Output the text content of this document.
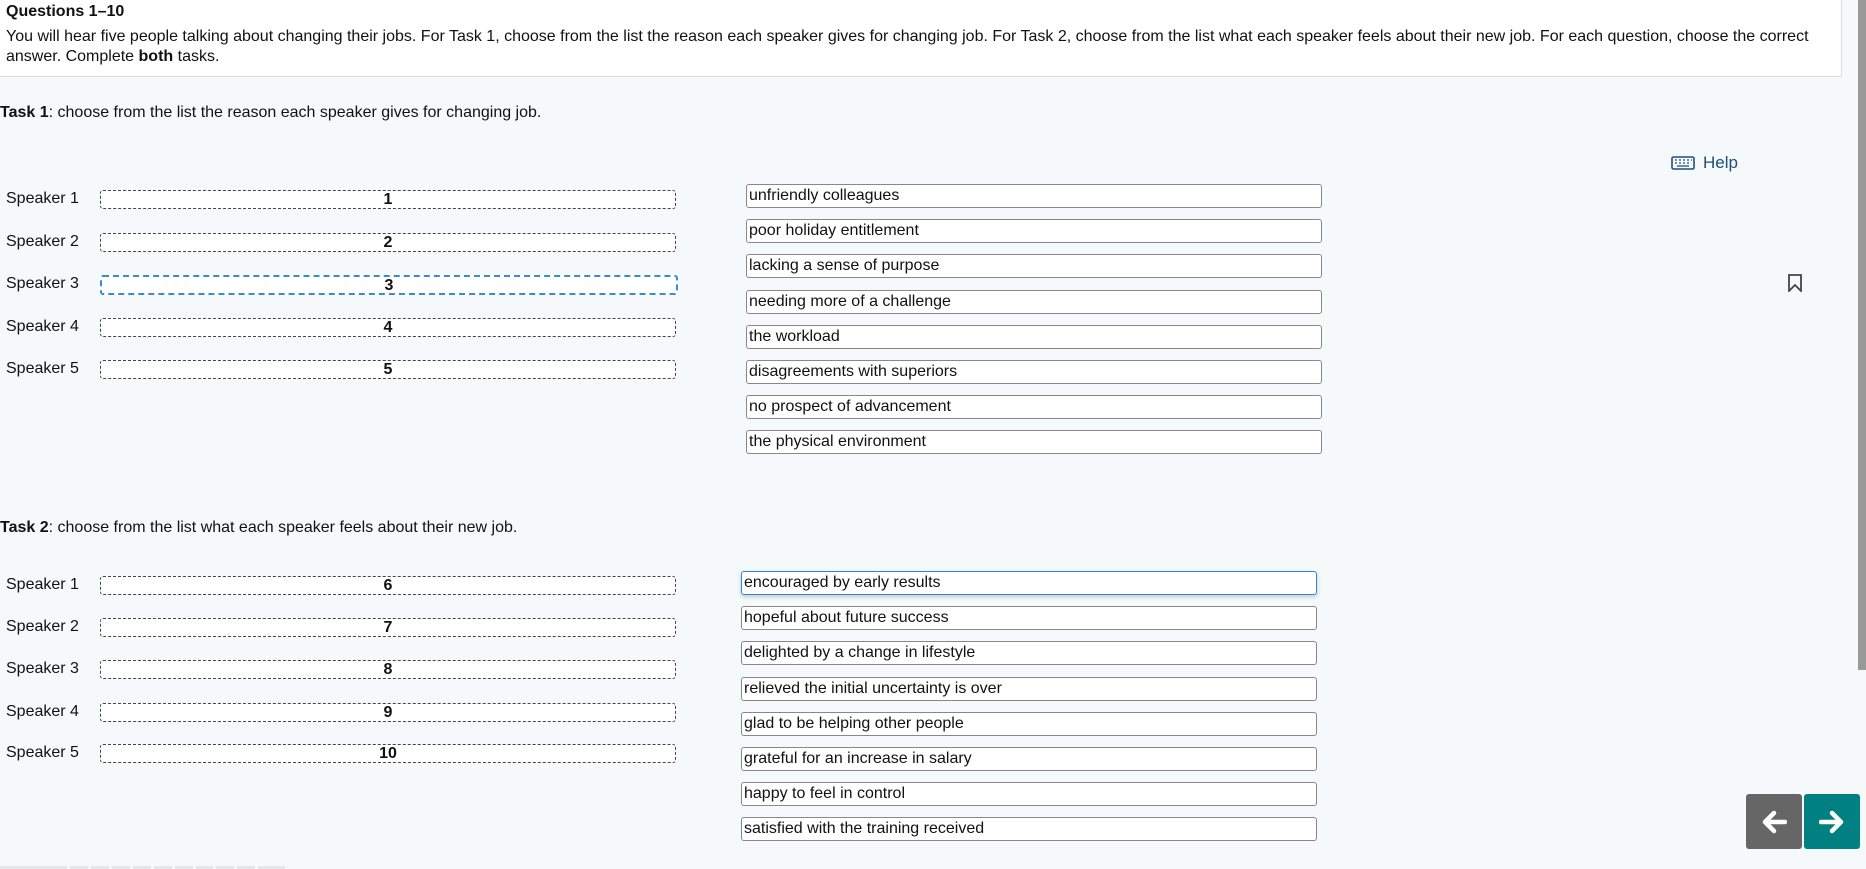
Questions 1–10

You will hear five people talking about changing their jobs. For Task 1, choose from the list the reason each speaker gives for changing job. For Task 2, choose from the list what each speaker feels about their new job. For each question, choose the correct answer. Complete both tasks.

Task 1: choose from the list the reason each speaker gives for changing job.
Help
Speaker 1	1
Speaker 2	2
Speaker 3	3
Speaker 4	4
Speaker 5	5
unfriendly colleagues
poor holiday entitlement
lacking a sense of purpose
needing more of a challenge
the workload
disagreements with superiors
no prospect of advancement
the physical environment
Task 2: choose from the list what each speaker feels about their new job.
Speaker 1	6
Speaker 2	7
Speaker 3	8
Speaker 4	9
Speaker 5	10
encouraged by early results
hopeful about future success
delighted by a change in lifestyle
relieved the initial uncertainty is over
glad to be helping other people
grateful for an increase in salary
happy to feel in control
satisfied with the training received
